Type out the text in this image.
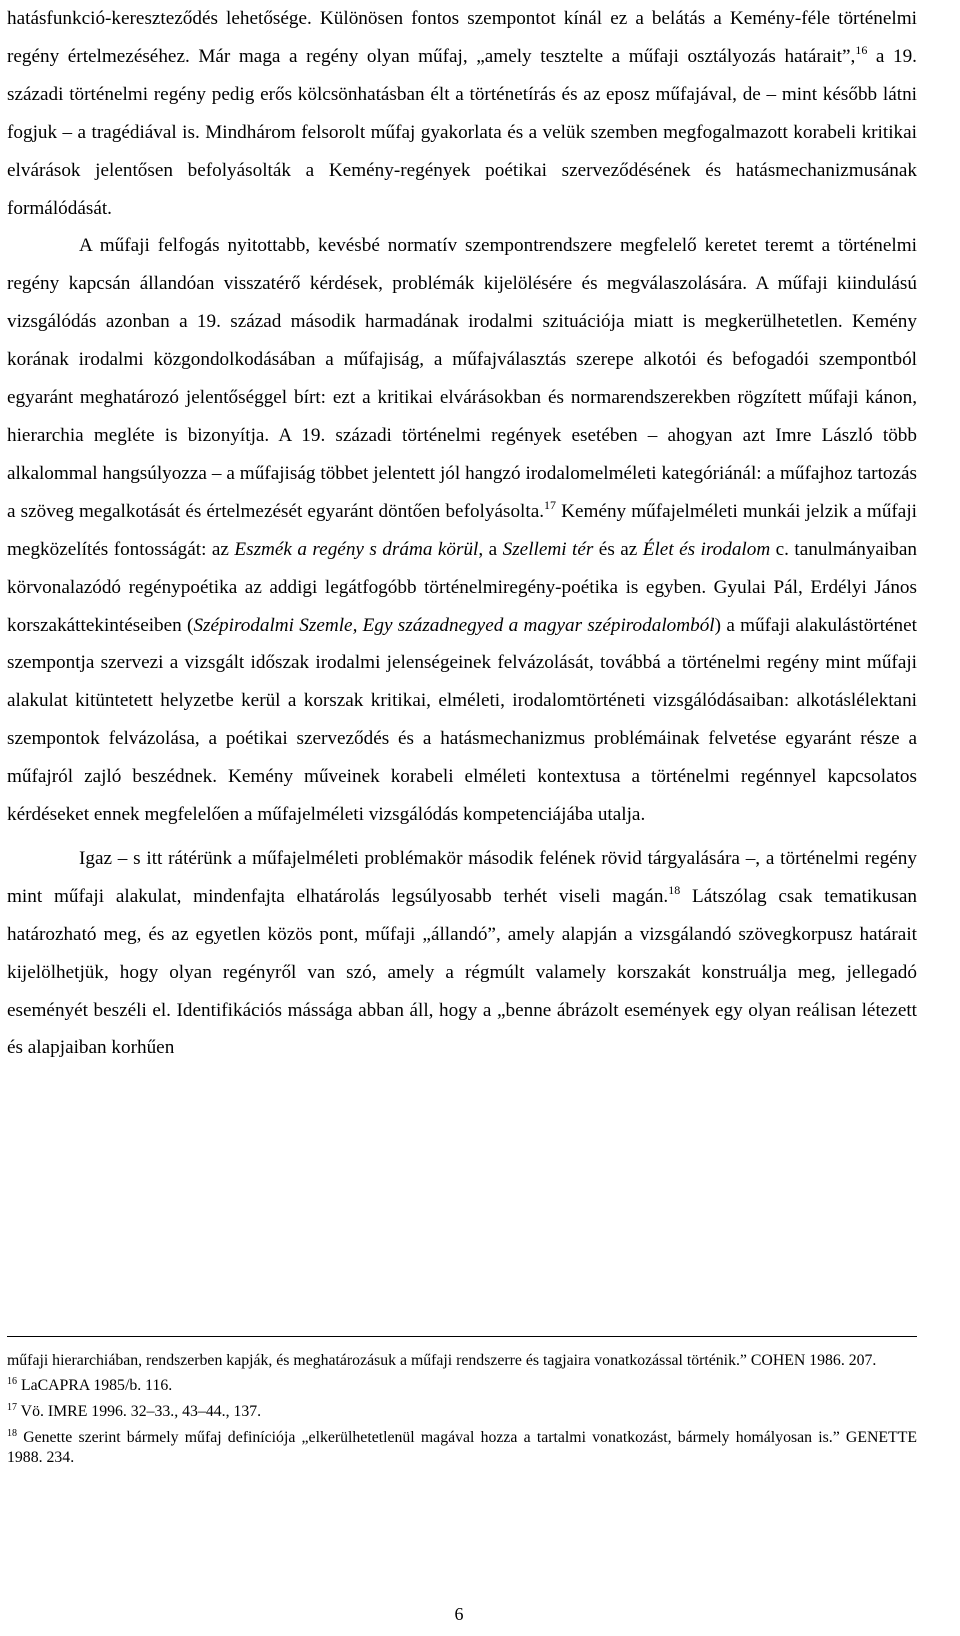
hatásfunkció-kereszteződés lehetősége. Különösen fontos szempontot kínál ez a belátás a Kemény-féle történelmi regény értelmezéséhez. Már maga a regény olyan műfaj, „amely tesztelte a műfaji osztályozás határait”,$^{16}$ a 19. századi történelmi regény pedig erős kölcsönhatásban élt a történetírás és az eposz műfajával, de – mint később látni fogjuk – a tragédiával is. Mindhárom felsorolt műfaj gyakorlata és a velük szemben megfogalmazott korabeli kritikai elvárások jelentősen befolyásolták a Kemény-regények poétikai szerveződésének és hatásmechanizmusának formálódását.

A műfaji felfogás nyitottabb, kevésbé normatív szempontrendszere megfelelő keretet teremt a történelmi regény kapcsán állandóan visszatérő kérdések, problémák kijelölésére és megválaszolására. A műfaji kiindulású vizsgálódás azonban a 19. század második harmadának irodalmi szituációja miatt is megkerülhetetlen. Kemény korának irodalmi közgondolkodásában a műfajiság, a műfajválasztás szerepe alkotói és befogadói szempontból egyaránt meghatározó jelentőséggel bírt: ezt a kritikai elvárásokban és normarendszerekben rögzített műfaji kánon, hierarchia megléte is bizonyítja. A 19. századi történelmi regények esetében – ahogyan azt Imre László több alkalommal hangsúlyozza – a műfajiság többet jelentett jól hangzó irodalomelméleti kategóriánál: a műfajhoz tartozás a szöveg megalkotását és értelmezését egyaránt döntően befolyásolta.$^{17}$ Kemény műfajelméleti munkái jelzik a műfaji megközelítés fontosságát: az Eszmék a regény s dráma körül, a Szellemi tér és az Élet és irodalom c. tanulmányaiban körvonalazódó regénypoétika az addigi legátfogóbb történelmiregény-poétika is egyben. Gyulai Pál, Erdélyi János korszakáttekintéseiben (Szépirodalmi Szemle, Egy századnegyed a magyar szépirodalomból) a műfaji alakulástörténet szempontja szervezi a vizsgált időszak irodalmi jelenségeinek felvázolását, továbbá a történelmi regény mint műfaji alakulat kitüntetett helyzetbe kerül a korszak kritikai, elméleti, irodalomtörténeti vizsgálódásaiban: alkotáslélektani szempontok felvázolása, a poétikai szerveződés és a hatásmechanizmus problémáinak felvetése egyaránt része a műfajról zajló beszédnek. Kemény műveinek korabeli elméleti kontextusa a történelmi regénnyel kapcsolatos kérdéseket ennek megfelelően a műfajelméleti vizsgálódás kompetenciájába utalja.

Igaz – s itt rátérünk a műfajelméleti problémakör második felének rövid tárgyalására –, a történelmi regény mint műfaji alakulat, mindenfajta elhatárolás legsúlyosabb terhét viseli magán.$^{18}$ Látszólag csak tematikusan határozható meg, és az egyetlen közös pont, műfaji „állandó”, amely alapján a vizsgálandó szövegkorpusz határait kijelölhetjük, hogy olyan regényről van szó, amely a régmúlt valamely korszakát konstruálja meg, jellegadó eseményét beszéli el. Identifikációs mássága abban áll, hogy a „benne ábrázolt események egy olyan reálisan létezett és alapjaiban korhűen

műfaji hierarchiában, rendszerben kapják, és meghatározásuk a műfaji rendszerre és tagjaira vonatkozással történik.” COHEN 1986. 207.

$^{16}$ LaCAPRA 1985/b. 116.

$^{17}$ Vö. IMRE 1996. 32–33., 43–44., 137.

$^{18}$ Genette szerint bármely műfaj definíciója „elkerülhetetlenül magával hozza a tartalmi vonatkozást, bármely homályosan is.” GENETTE 1988. 234.

6
